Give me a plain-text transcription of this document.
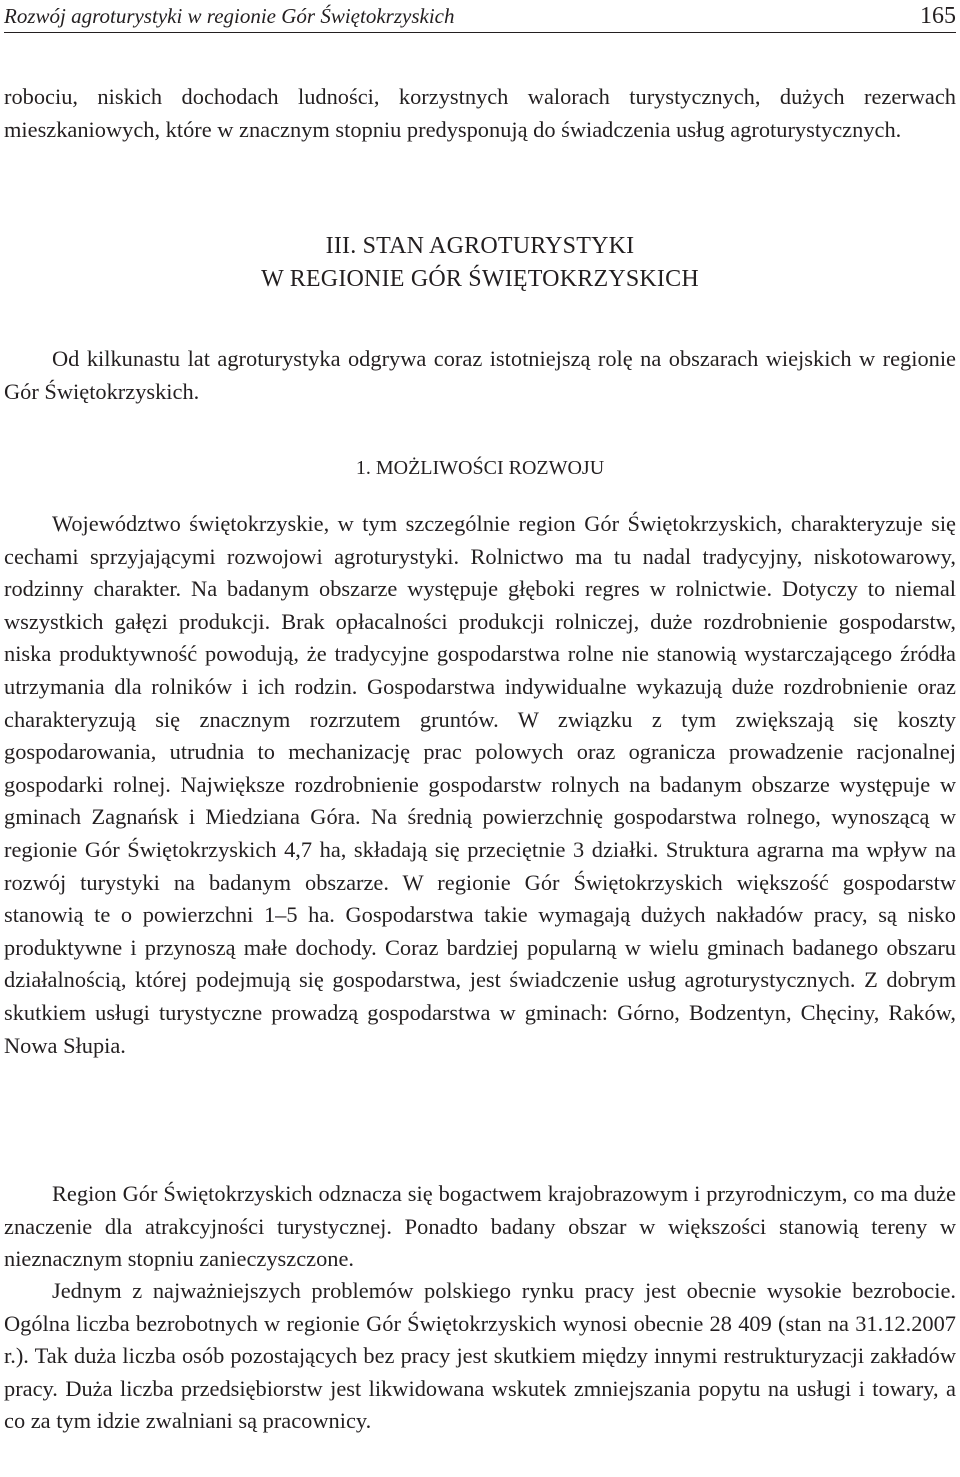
Rozwój agroturystyki w regionie Gór Świętokrzyskich	165

robociu, niskich dochodach ludności, korzystnych walorach turystycznych, dużych rezerwach mieszkaniowych, które w znacznym stopniu predysponują do świadczenia usług agroturystycznych.

III. STAN AGROTURYSTYKI
W REGIONIE GÓR ŚWIĘTOKRZYSKICH

Od kilkunastu lat agroturystyka odgrywa coraz istotniejszą rolę na obszarach wiejskich w regionie Gór Świętokrzyskich.

1. MOŻLIWOŚCI ROZWOJU

Województwo świętokrzyskie, w tym szczególnie region Gór Świętokrzyskich, charakteryzuje się cechami sprzyjającymi rozwojowi agroturystyki. Rolnictwo ma tu nadal tradycyjny, niskotowarowy, rodzinny charakter. Na badanym obszarze występuje głęboki regres w rolnictwie. Dotyczy to niemal wszystkich gałęzi produkcji. Brak opłacalności produkcji rolniczej, duże rozdrobnienie gospodarstw, niska produktywność powodują, że tradycyjne gospodarstwa rolne nie stanowią wystarczającego źródła utrzymania dla rolników i ich rodzin. Gospodarstwa indywidualne wykazują duże rozdrobnienie oraz charakteryzują się znacznym rozrzutem gruntów. W związku z tym zwiększają się koszty gospodarowania, utrudnia to mechanizację prac polowych oraz ogranicza prowadzenie racjonalnej gospodarki rolnej. Największe rozdrobnienie gospodarstw rolnych na badanym obszarze występuje w gminach Zagnańsk i Miedziana Góra. Na średnią powierzchnię gospodarstwa rolnego, wynoszącą w regionie Gór Świętokrzyskich 4,7 ha, składają się przeciętnie 3 działki. Struktura agrarna ma wpływ na rozwój turystyki na badanym obszarze. W regionie Gór Świętokrzyskich większość gospodarstw stanowią te o powierzchni 1–5 ha. Gospodarstwa takie wymagają dużych nakładów pracy, są nisko produktywne i przynoszą małe dochody. Coraz bardziej popularną w wielu gminach badanego obszaru działalnością, której podejmują się gospodarstwa, jest świadczenie usług agroturystycznych. Z dobrym skutkiem usługi turystyczne prowadzą gospodarstwa w gminach: Górno, Bodzentyn, Chęciny, Raków, Nowa Słupia.

Region Gór Świętokrzyskich odznacza się bogactwem krajobrazowym i przyrodniczym, co ma duże znaczenie dla atrakcyjności turystycznej. Ponadto badany obszar w większości stanowią tereny w nieznacznym stopniu zanieczyszczone.

Jednym z najważniejszych problemów polskiego rynku pracy jest obecnie wysokie bezrobocie. Ogólna liczba bezrobotnych w regionie Gór Świętokrzyskich wynosi obecnie 28 409 (stan na 31.12.2007 r.). Tak duża liczba osób pozostających bez pracy jest skutkiem między innymi restrukturyzacji zakładów pracy. Duża liczba przedsiębiorstw jest likwidowana wskutek zmniejszania popytu na usługi i towary, a co za tym idzie zwalniani są pracownicy.
